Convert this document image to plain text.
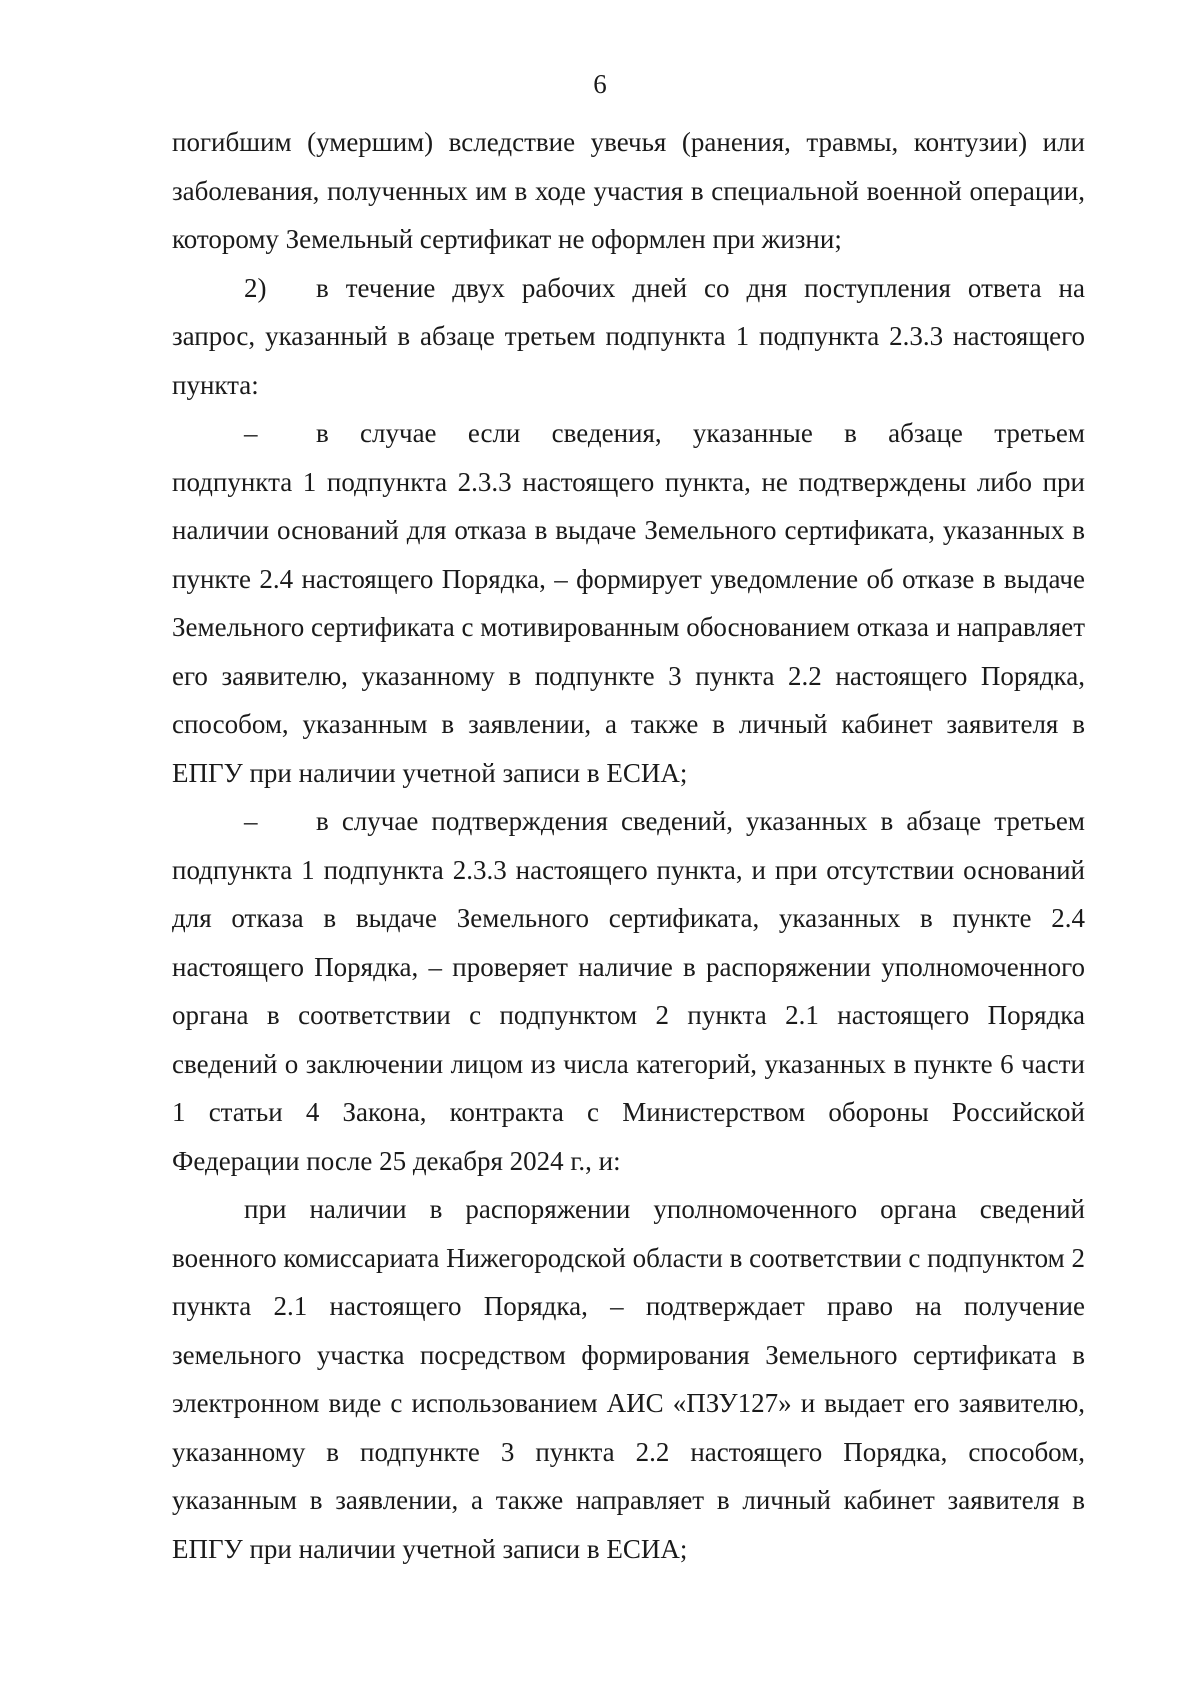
6

погибшим (умершим) вследствие увечья (ранения, травмы, контузии) или заболевания, полученных им в ходе участия в специальной военной операции, которому Земельный сертификат не оформлен при жизни;

2)	в течение двух рабочих дней со дня поступления ответа на

запрос, указанный в абзаце третьем подпункта 1 подпункта 2.3.3 настоящего пункта:

–	в случае если сведения, указанные в абзаце третьем

подпункта 1 подпункта 2.3.3 настоящего пункта, не подтверждены либо при наличии оснований для отказа в выдаче Земельного сертификата, указанных в пункте 2.4 настоящего Порядка, – формирует уведомление об отказе в выдаче Земельного сертификата с мотивированным обоснованием отказа и направляет его заявителю, указанному в подпункте 3 пункта 2.2 настоящего Порядка, способом, указанным в заявлении, а также в личный кабинет заявителя в ЕПГУ при наличии учетной записи в ЕСИА;

–	в случае подтверждения сведений, указанных в абзаце третьем

подпункта 1 подпункта 2.3.3 настоящего пункта, и при отсутствии оснований для отказа в выдаче Земельного сертификата, указанных в пункте 2.4 настоящего Порядка, – проверяет наличие в распоряжении уполномоченного органа в соответствии с подпунктом 2 пункта 2.1 настоящего Порядка сведений о заключении лицом из числа категорий, указанных в пункте 6 части 1 статьи 4 Закона, контракта с Министерством обороны Российской Федерации после 25 декабря 2024 г., и:

при наличии в распоряжении уполномоченного органа сведений военного комиссариата Нижегородской области в соответствии с подпунктом 2 пункта 2.1 настоящего Порядка, – подтверждает право на получение земельного участка посредством формирования Земельного сертификата в электронном виде с использованием АИС «ПЗУ127» и выдает его заявителю, указанному в подпункте 3 пункта 2.2 настоящего Порядка, способом, указанным в заявлении, а также направляет в личный кабинет заявителя в ЕПГУ при наличии учетной записи в ЕСИА;
